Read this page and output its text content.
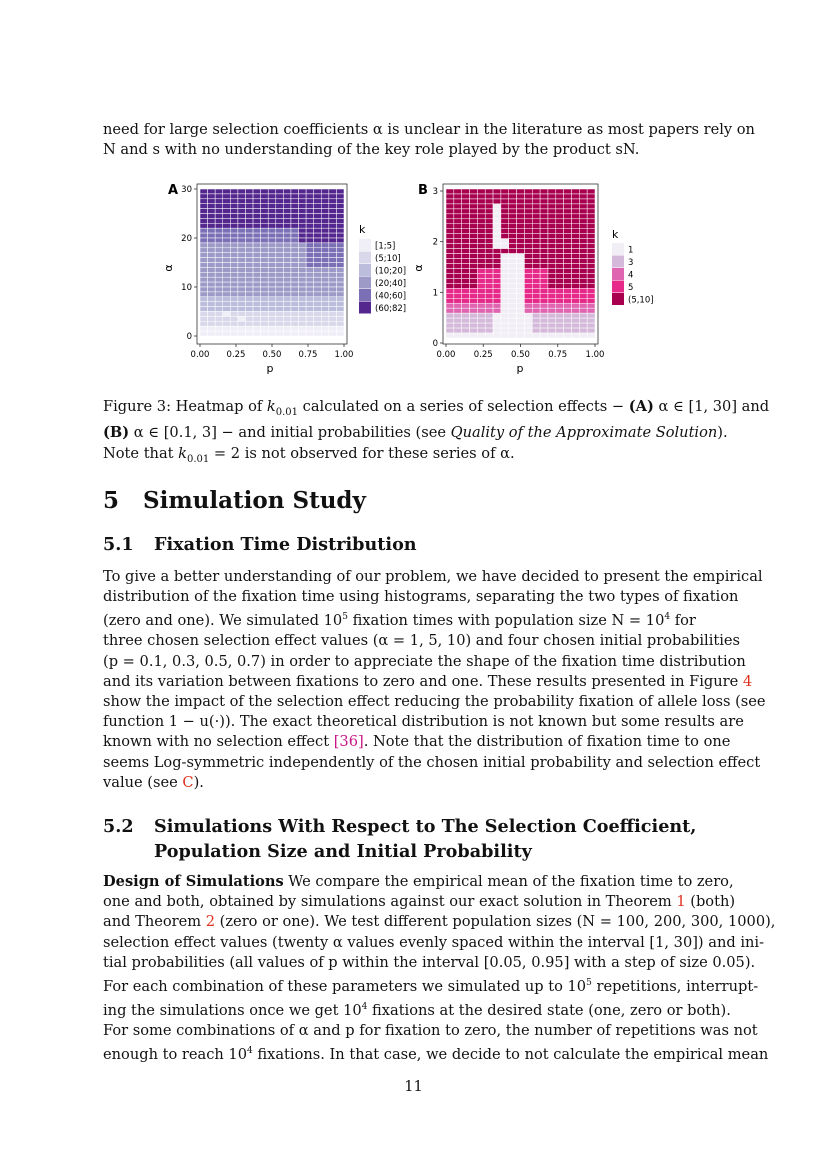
need for large selection coefficients α is unclear in the literature as most papers rely on
N and s with no understanding of the key role played by the product sN.

A
p
α
0.00 0.25 0.50 0.75 1.00
0
10
20
30
k
[1;5]
(5;10]
(10;20]
(20;40]
(40;60]
(60;82]
B
p
α
0.00 0.25 0.50 0.75 1.00
0
1
2
3
k
1
3
4
5
(5,10]

Figure 3: Heatmap of $k_{0.01}$ calculated on a series of selection effects − (A) α ∈ [1, 30] and
(B) α ∈ [0.1, 3] − and initial probabilities (see Quality of the Approximate Solution).
Note that $k_{0.01} = 2$ is not observed for these series of α.

5 Simulation Study
5.1 Fixation Time Distribution

To give a better understanding of our problem, we have decided to present the empirical
distribution of the fixation time using histograms, separating the two types of fixation
(zero and one). We simulated $10^5$ fixation times with population size $N = 10^4$ for
three chosen selection effect values (α = 1, 5, 10) and four chosen initial probabilities
(p = 0.1, 0.3, 0.5, 0.7) in order to appreciate the shape of the fixation time distribution
and its variation between fixations to zero and one. These results presented in Figure 4
show the impact of the selection effect reducing the probability fixation of allele loss (see
function 1 − u(·)). The exact theoretical distribution is not known but some results are
known with no selection effect [36]. Note that the distribution of fixation time to one
seems Log-symmetric independently of the chosen initial probability and selection effect
value (see C).

5.2 Simulations With Respect to The Selection Coefficient,
Population Size and Initial Probability

Design of Simulations We compare the empirical mean of the fixation time to zero,
one and both, obtained by simulations against our exact solution in Theorem 1 (both)
and Theorem 2 (zero or one). We test different population sizes (N = 100, 200, 300, 1000),
selection effect values (twenty α values evenly spaced within the interval [1, 30]) and ini-
tial probabilities (all values of p within the interval [0.05, 0.95] with a step of size 0.05).
For each combination of these parameters we simulated up to $10^5$ repetitions, interrupt-
ing the simulations once we get $10^4$ fixations at the desired state (one, zero or both).
For some combinations of α and p for fixation to zero, the number of repetitions was not
enough to reach $10^4$ fixations. In that case, we decide to not calculate the empirical mean

11
